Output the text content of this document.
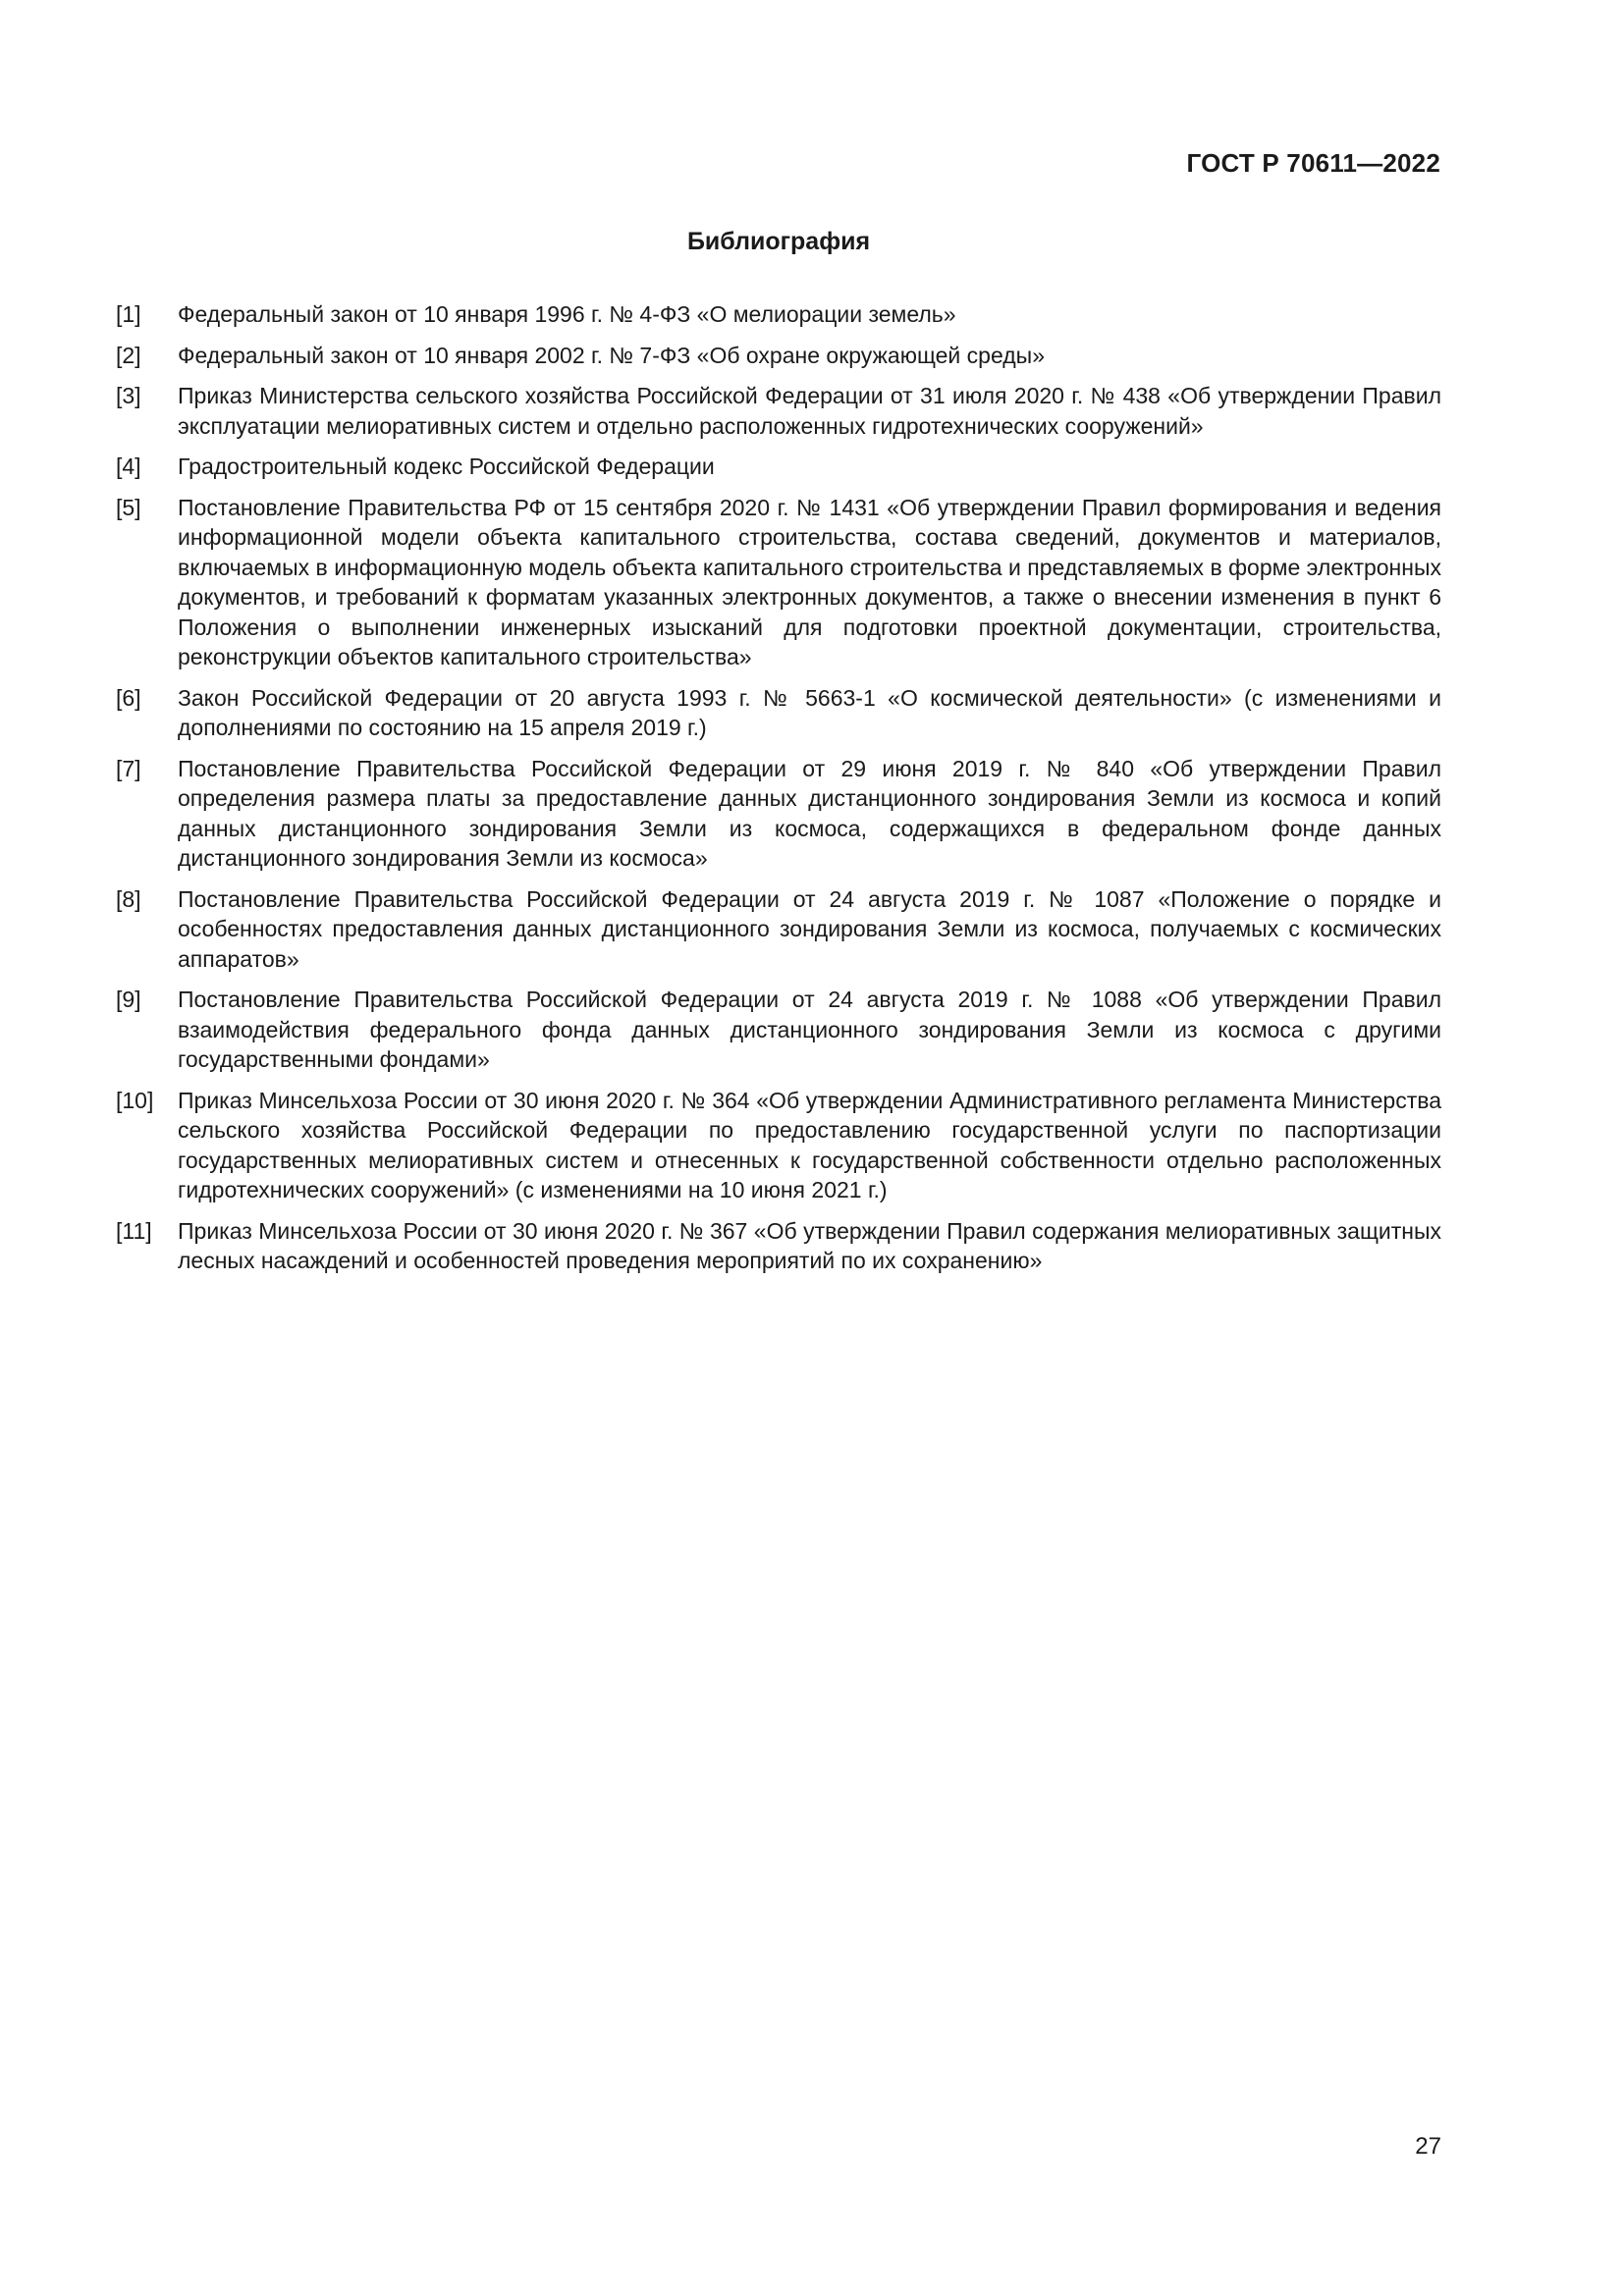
ГОСТ Р 70611—2022
Библиография
[1]	Федеральный закон от 10 января 1996 г. № 4-ФЗ «О мелиорации земель»
[2]	Федеральный закон от 10 января 2002 г. № 7-ФЗ «Об охране окружающей среды»
[3]	Приказ Министерства сельского хозяйства Российской Федерации от 31 июля 2020 г. № 438 «Об утверждении Правил эксплуатации мелиоративных систем и отдельно расположенных гидротехнических сооружений»
[4]	Градостроительный кодекс Российской Федерации
[5]	Постановление Правительства РФ от 15 сентября 2020 г. № 1431 «Об утверждении Правил формирования и ведения информационной модели объекта капитального строительства, состава сведений, документов и материалов, включаемых в информационную модель объекта капитального строительства и представляемых в форме электронных документов, и требований к форматам указанных электронных документов, а также о внесении изменения в пункт 6 Положения о выполнении инженерных изысканий для подготовки проектной документации, строительства, реконструкции объектов капитального строительства»
[6]	Закон Российской Федерации от 20 августа 1993 г. № 5663-1 «О космической деятельности» (с изменениями и дополнениями по состоянию на 15 апреля 2019 г.)
[7]	Постановление Правительства Российской Федерации от 29 июня 2019 г. № 840 «Об утверждении Правил определения размера платы за предоставление данных дистанционного зондирования Земли из космоса и копий данных дистанционного зондирования Земли из космоса, содержащихся в федеральном фонде данных дистанционного зондирования Земли из космоса»
[8]	Постановление Правительства Российской Федерации от 24 августа 2019 г. № 1087 «Положение о порядке и особенностях предоставления данных дистанционного зондирования Земли из космоса, получаемых с космических аппаратов»
[9]	Постановление Правительства Российской Федерации от 24 августа 2019 г. № 1088 «Об утверждении Правил взаимодействия федерального фонда данных дистанционного зондирования Земли из космоса с другими государственными фондами»
[10]	Приказ Минсельхоза России от 30 июня 2020 г. № 364 «Об утверждении Административного регламента Министерства сельского хозяйства Российской Федерации по предоставлению государственной услуги по паспортизации государственных мелиоративных систем и отнесенных к государственной собственности отдельно расположенных гидротехнических сооружений» (с изменениями на 10 июня 2021 г.)
[11]	Приказ Минсельхоза России от 30 июня 2020 г. № 367 «Об утверждении Правил содержания мелиоративных защитных лесных насаждений и особенностей проведения мероприятий по их сохранению»
27
